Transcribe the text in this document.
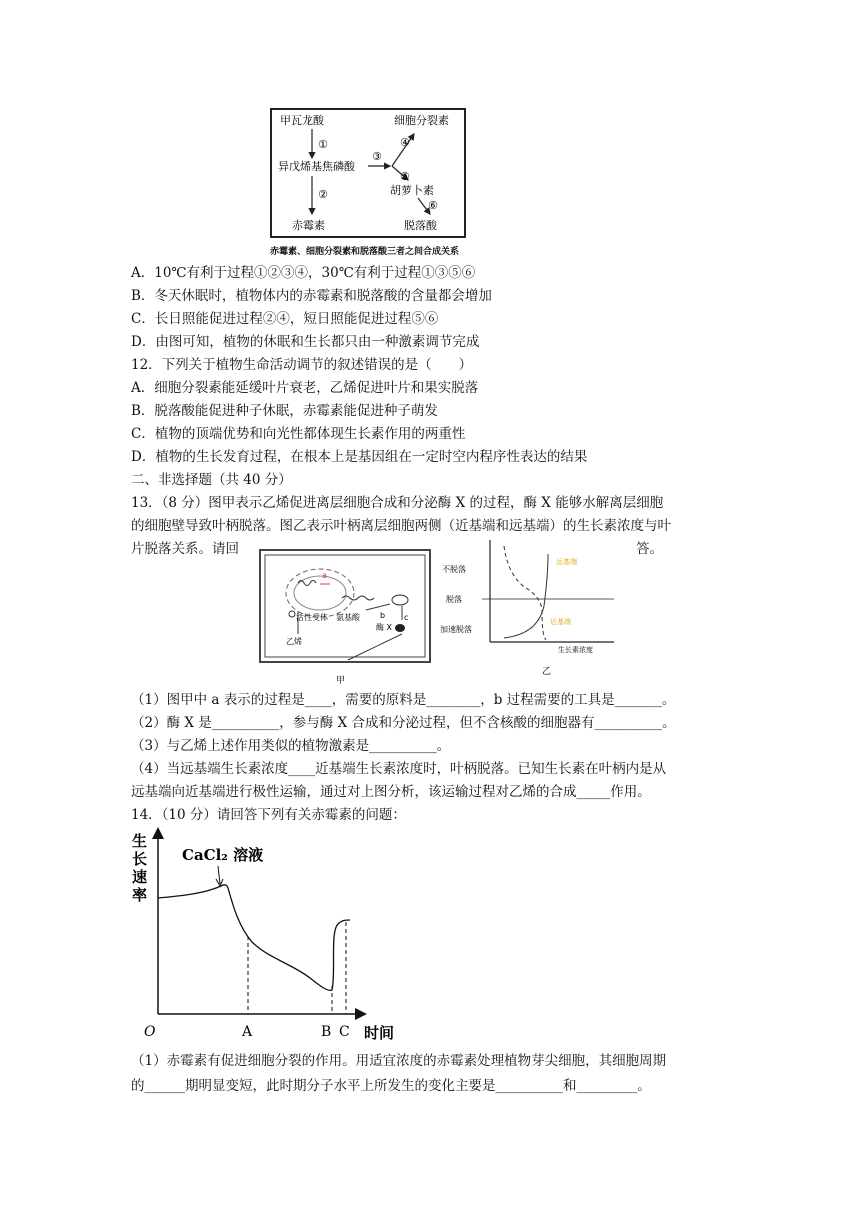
甲瓦龙酸	细胞分裂素
①
异戊烯基焦磷酸
③
④
⑤
胡萝卜素
⑥
脱落酸
②
赤霉素
赤霉素、细胞分裂素和脱落酸三者之间合成关系
A．10℃有利于过程①②③④，30℃有利于过程①③⑤⑥
B．冬天休眠时，植物体内的赤霉素和脱落酸的含量都会增加
C．长日照能促进过程②④，短日照能促进过程⑤⑥
D．由图可知，植物的休眠和生长都只由一种激素调节完成
12．下列关于植物生命活动调节的叙述错误的是（　　）
A．细胞分裂素能延缓叶片衰老，乙烯促进叶片和果实脱落
B．脱落酸能促进种子休眠，赤霉素能促进种子萌发
C．植物的顶端优势和向光性都体现生长素作用的两重性
D．植物的生长发育过程，在根本上是基因组在一定时空内程序性表达的结果
二、非选择题（共 40 分）
13．（8 分）图甲表示乙烯促进离层细胞合成和分泌酶 X 的过程，酶 X 能够水解离层细胞
的细胞壁导致叶柄脱落。图乙表示叶柄离层细胞两侧（近基端和远基端）的生长素浓度与叶
片脱落关系。请回	答。
a
氨基酸	b c
酶 X
活性受体
乙烯
甲
不脱落
脱落
加速脱落
远基端
近基端
生长素浓度
乙
（1）图甲中 a 表示的过程是____，需要的原料是________，b 过程需要的工具是_______。
（2）酶 X 是__________，参与酶 X 合成和分泌过程，但不含核酸的细胞器有__________。
（3）与乙烯上述作用类似的植物激素是__________。
（4）当远基端生长素浓度____近基端生长素浓度时，叶柄脱落。已知生长素在叶柄内是从
远基端向近基端进行极性运输，通过对上图分析，该运输过程对乙烯的合成_____作用。
14．（10 分）请回答下列有关赤霉素的问题：
生
长
速
率
O	时间
CaCl₂ 溶液
A	B C
（1）赤霉素有促进细胞分裂的作用。用适宜浓度的赤霉素处理植物芽尖细胞，其细胞周期
的______期明显变短，此时期分子水平上所发生的变化主要是__________和_________。
